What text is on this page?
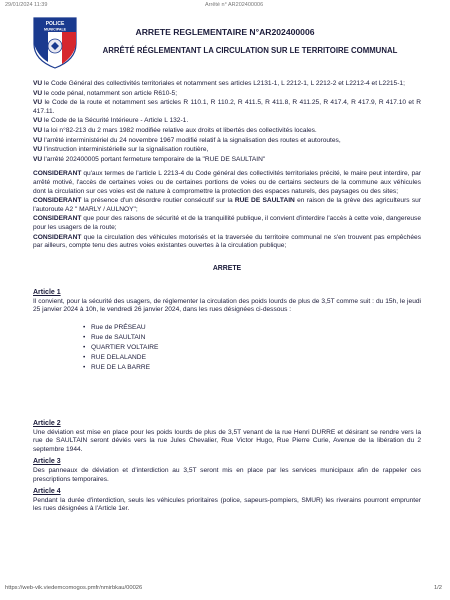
29/01/2024 11:39	Arrêté n° AR202400006
POLICE
MUNICIPALE	ARRETE REGLEMENTAIRE N°AR202400006
ARRÊTÉ RÉGLEMENTANT LA CIRCULATION SUR LE TERRITOIRE COMMUNAL
VU le Code Général des collectivités territoriales et notamment ses articles L2131-1, L 2212-1, L 2212-2 et L2212-4 et L2215-1;
VU le code pénal, notamment son article R610-5;
VU le Code de la route et notamment ses articles R 110.1, R 110.2, R 411.5, R 411.8, R 411.25, R 417.4, R 417.9, R 417.10 et R 417.11.
VU le Code de la Sécurité Intérieure - Article L 132-1.
VU la loi n°82-213 du 2 mars 1982 modifiée relative aux droits et libertés des collectivités locales.
VU l'arrêté interministériel du 24 novembre 1967 modifié relatif à la signalisation des routes et autoroutes,
VU l'instruction interministérielle sur la signalisation routière,
VU l'arrêté 202400005 portant fermeture temporaire de la "RUE DE SAULTAIN"
CONSIDERANT qu'aux termes de l'article L 2213-4 du Code général des collectivités territoriales précité, le maire peut interdire, par arrêté motivé, l'accès de certaines voies ou de certaines portions de voies ou de certains secteurs de la commune aux véhicules dont la circulation sur ces voies est de nature à compromettre la protection des espaces naturels, des paysages ou des sites;
CONSIDERANT la présence d'un désordre routier consécutif sur la RUE DE SAULTAIN en raison de la grève des agriculteurs sur l'autoroute A2 " MARLY / AULNOY";
CONSIDERANT que pour des raisons de sécurité et de la tranquillité publique, il convient d'interdire l'accès à cette voie, dangereuse pour les usagers de la route;
CONSIDERANT que la circulation des véhicules motorisés et la traversée du territoire communal ne s'en trouvent pas empêchées par ailleurs, compte tenu des autres voies existantes ouvertes à la circulation publique;
ARRETE
Article 1
Il convient, pour la sécurité des usagers, de réglementer la circulation des poids lourds de plus de 3,5T comme suit : du 15h, le jeudi 25 janvier 2024 à 10h, le vendredi 26 janvier 2024, dans les rues désignées ci-dessous :
• Rue de PRÉSEAU
• Rue de SAULTAIN
• QUARTIER VOLTAIRE
• RUE DELALANDE
• RUE DE LA BARRE
Article 2
Une déviation est mise en place pour les poids lourds de plus de 3,5T venant de la rue Henri DURRE et désirant se rendre vers la rue de SAULTAIN seront déviés vers la rue Jules Chevalier, Rue Victor Hugo, Rue Pierre Curie, Avenue de la libération du 2 septembre 1944.
Article 3
Des panneaux de déviation et d'interdiction au 3,5T seront mis en place par les services municipaux afin de rappeler ces prescriptions temporaires.
Article 4
Pendant la durée d'interdiction, seuls les véhicules prioritaires (police, sapeurs-pompiers, SMUR) les riverains pourront emprunter les rues désignées à l'Article 1er.
https://web-vik.viedemcomogos.pmfr/nmirbkau/00026	1/2
